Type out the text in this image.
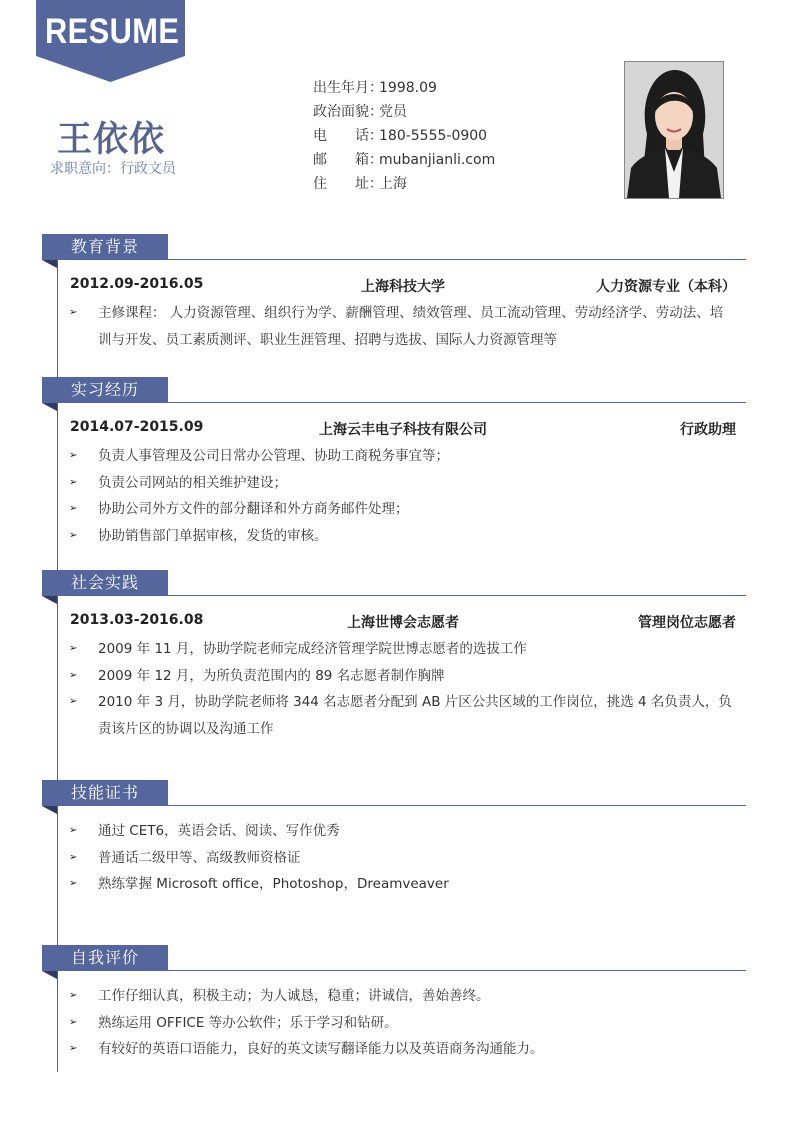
RESUME
王依依
求职意向：行政文员
出生年月：1998.09
政治面貌：党员
电　话：180-5555-0900
邮　箱：mubanjianli.com
住　址：上海
教育背景
2012.09-2016.05	上海科技大学	人力资源专业（本科）
➢ 主修课程： 人力资源管理、组织行为学、薪酬管理、绩效管理、员工流动管理、劳动经济学、劳动法、培训与开发、员工素质测评、职业生涯管理、招聘与选拔、国际人力资源管理等
实习经历
2014.07-2015.09	上海云丰电子科技有限公司	行政助理
➢ 负责人事管理及公司日常办公管理、协助工商税务事宜等；
➢ 负责公司网站的相关维护建设；
➢ 协助公司外方文件的部分翻译和外方商务邮件处理；
➢ 协助销售部门单据审核，发货的审核。
社会实践
2013.03-2016.08	上海世博会志愿者	管理岗位志愿者
➢ 2009 年 11 月，协助学院老师完成经济管理学院世博志愿者的选拔工作
➢ 2009 年 12 月，为所负责范围内的 89 名志愿者制作胸牌
➢ 2010 年 3 月，协助学院老师将 344 名志愿者分配到 AB 片区公共区域的工作岗位，挑选 4 名负责人，负责该片区的协调以及沟通工作
技能证书
➢ 通过 CET6，英语会话、阅读、写作优秀
➢ 普通话二级甲等、高级教师资格证
➢ 熟练掌握 Microsoft office，Photoshop，Dreamveaver
自我评价
➢ 工作仔细认真，积极主动；为人诚恳，稳重；讲诚信，善始善终。
➢ 熟练运用 OFFICE 等办公软件；乐于学习和钻研。
➢ 有较好的英语口语能力，良好的英文读写翻译能力以及英语商务沟通能力。
